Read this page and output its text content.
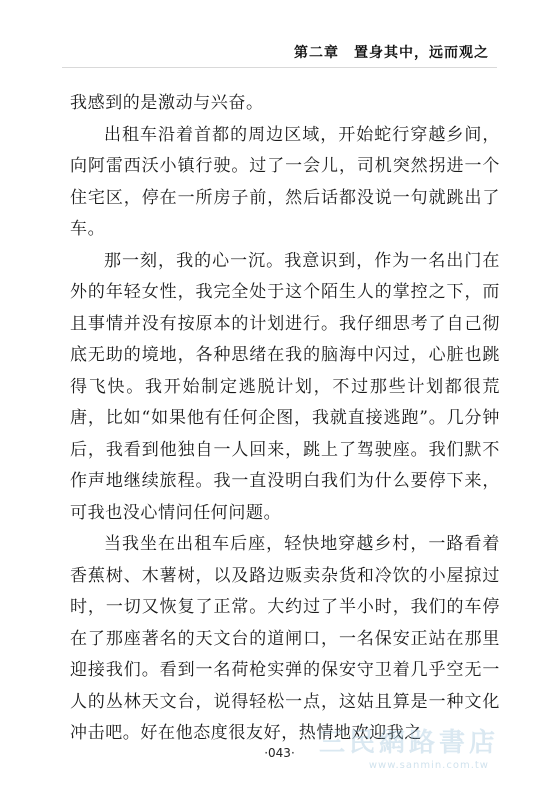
第二章　置身其中，远而观之

我感到的是激动与兴奋。

出租车沿着首都的周边区域，开始蛇行穿越乡间，向阿雷西沃小镇行驶。过了一会儿，司机突然拐进一个住宅区，停在一所房子前，然后话都没说一句就跳出了车。

那一刻，我的心一沉。我意识到，作为一名出门在外的年轻女性，我完全处于这个陌生人的掌控之下，而且事情并没有按原本的计划进行。我仔细思考了自己彻底无助的境地，各种思绪在我的脑海中闪过，心脏也跳得飞快。我开始制定逃脱计划，不过那些计划都很荒唐，比如“如果他有任何企图，我就直接逃跑”。几分钟后，我看到他独自一人回来，跳上了驾驶座。我们默不作声地继续旅程。我一直没明白我们为什么要停下来，可我也没心情问任何问题。

当我坐在出租车后座，轻快地穿越乡村，一路看着香蕉树、木薯树，以及路边贩卖杂货和冷饮的小屋掠过时，一切又恢复了正常。大约过了半小时，我们的车停在了那座著名的天文台的道闸口，一名保安正站在那里迎接我们。看到一名荷枪实弹的保安守卫着几乎空无一人的丛林天文台，说得轻松一点，这姑且算是一种文化冲击吧。好在他态度很友好，热情地欢迎我之

三民網路書店
www.sanmin.com.tw
·043·
